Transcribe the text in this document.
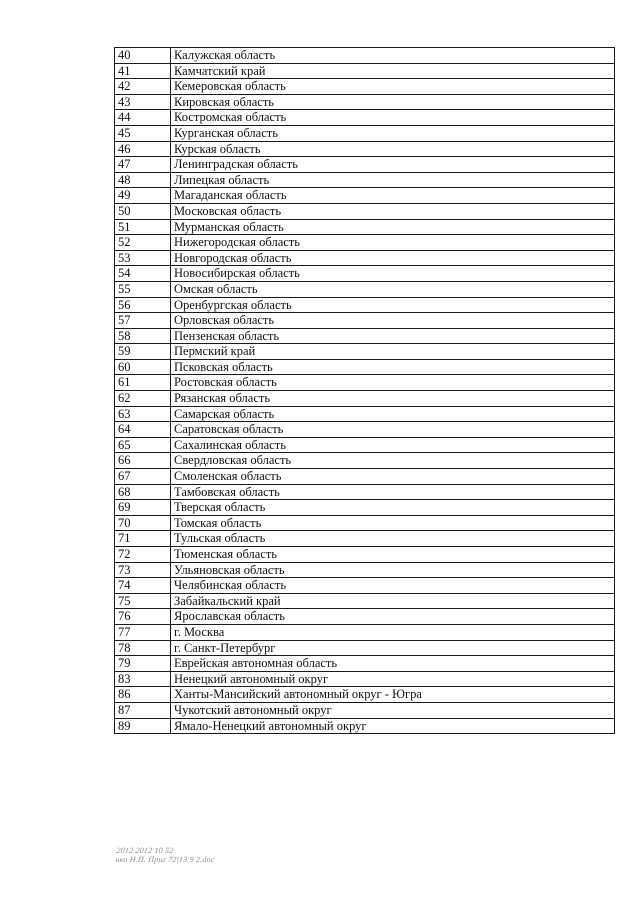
40	Калужская область
41	Камчатский край
42	Кемеровская область
43	Кировская область
44	Костромская область
45	Курганская область
46	Курская область
47	Ленинградская область
48	Липецкая область
49	Магаданская область
50	Московская область
51	Мурманская область
52	Нижегородская область
53	Новгородская область
54	Новосибирская область
55	Омская область
56	Оренбургская область
57	Орловская область
58	Пензенская область
59	Пермский край
60	Псковская область
61	Ростовская область
62	Рязанская область
63	Самарская область
64	Саратовская область
65	Сахалинская область
66	Свердловская область
67	Смоленская область
68	Тамбовская область
69	Тверская область
70	Томская область
71	Тульская область
72	Тюменская область
73	Ульяновская область
74	Челябинская область
75	Забайкальский край
76	Ярославская область
77	г. Москва
78	г. Санкт-Петербург
79	Еврейская автономная область
83	Ненецкий автономный округ
86	Ханты-Мансийский автономный округ - Югра
87	Чукотский автономный округ
89	Ямало-Ненецкий автономный округ
2012 2012 10 52
нко Н.П. Приг 72|13 9 2.doc
